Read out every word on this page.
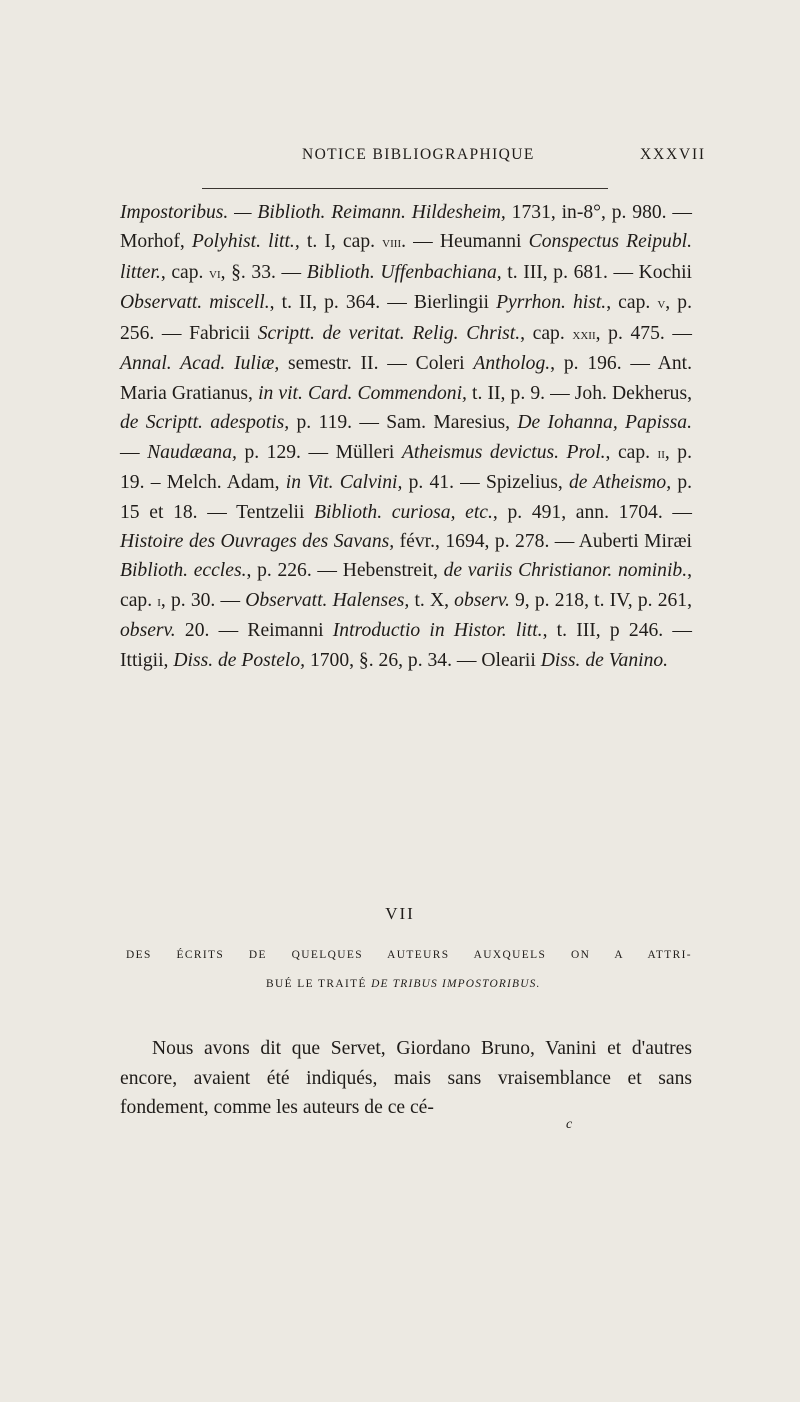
NOTICE BIBLIOGRAPHIQUE	XXXVII

Impostoribus. — Biblioth. Reimann. Hildesheim, 1731, in-8°, p. 980. — Morhof, Polyhist. litt., t. I, cap. viii. — Heumanni Conspectus Reipubl. litter., cap. vi, §. 33. — Biblioth. Uffenbachiana, t. III, p. 681. — Kochii Observatt. miscell., t. II, p. 364. — Bierlingii Pyrrhon. hist., cap. v, p. 256. — Fabricii Scriptt. de veritat. Relig. Christ., cap. xxii, p. 475. — Annal. Acad. Iuliæ, semestr. II. — Coleri Antholog., p. 196. — Ant. Maria Gratianus, in vit. Card. Commendoni, t. II, p. 9. — Joh. Dekherus, de Scriptt. adespotis, p. 119. — Sam. Maresius, De Iohanna, Papissa. — Naudæana, p. 129. — Mülleri Atheismus devictus. Prol., cap. ii, p. 19. – Melch. Adam, in Vit. Calvini, p. 41. — Spizelius, de Atheismo, p. 15 et 18. — Tentzelii Biblioth. curiosa, etc., p. 491, ann. 1704. — Histoire des Ouvrages des Savans, févr., 1694, p. 278. — Auberti Miræi Biblioth. eccles., p. 226. — Hebenstreit, de variis Christianor. nominib., cap. i, p. 30. — Observatt. Halenses, t. X, observ. 9, p. 218, t. IV, p. 261, observ. 20. — Reimanni Introductio in Histor. litt., t. III, p 246. — Ittigii, Diss. de Postelo, 1700, §. 26, p. 34. — Olearii Diss. de Vanino.

VII
DES ÉCRITS DE QUELQUES AUTEURS AUXQUELS ON A ATTRI-
BUÉ LE TRAITÉ DE TRIBUS IMPOSTORIBUS.

Nous avons dit que Servet, Giordano Bruno, Vanini et d'autres encore, avaient été indiqués, mais sans vraisemblance et sans fondement, comme les auteurs de ce cé-

c
